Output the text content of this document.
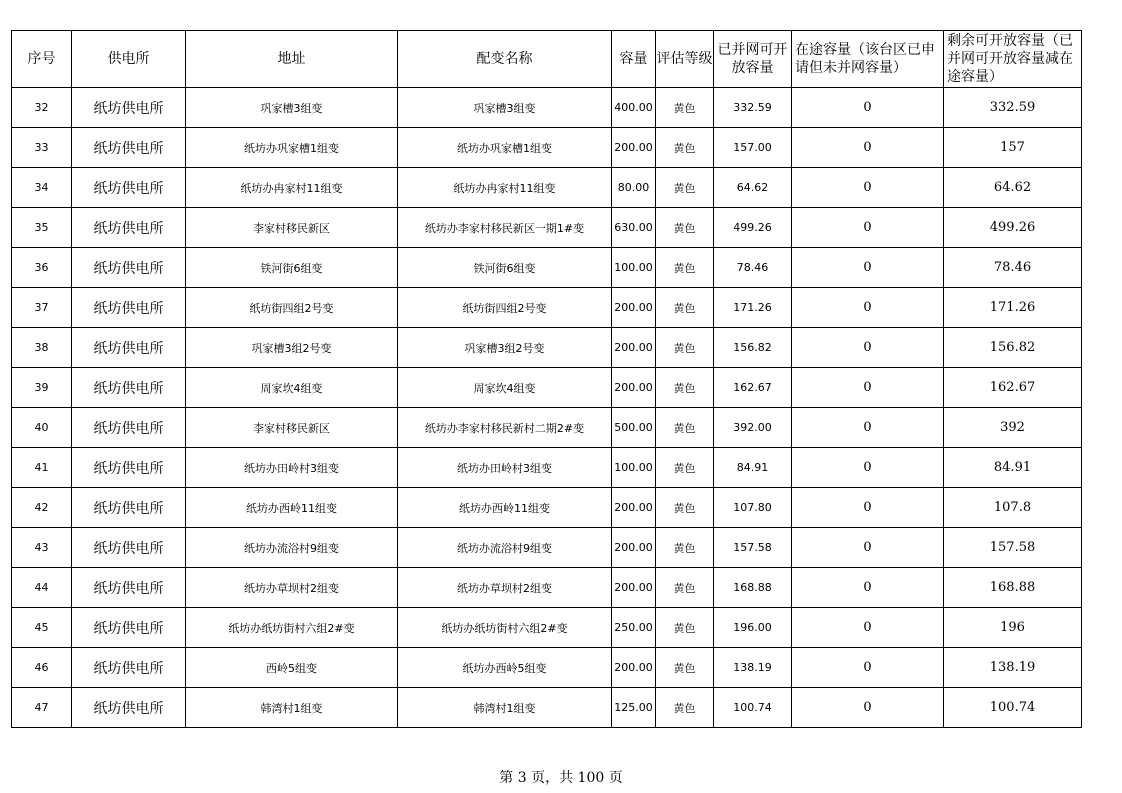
序号	供电所	地址	配变名称	容量	评估等级	已并网可开放容量	在途容量（该台区已申请但未并网容量）	剩余可开放容量（已并网可开放容量减在途容量）
32	纸坊供电所	巩家槽3组变	巩家槽3组变	400.00	黄色	332.59	0	332.59
33	纸坊供电所	纸坊办巩家槽1组变	纸坊办巩家槽1组变	200.00	黄色	157.00	0	157
34	纸坊供电所	纸坊办冉家村11组变	纸坊办冉家村11组变	80.00	黄色	64.62	0	64.62
35	纸坊供电所	李家村移民新区	纸坊办李家村移民新区一期1#变	630.00	黄色	499.26	0	499.26
36	纸坊供电所	铁河街6组变	铁河街6组变	100.00	黄色	78.46	0	78.46
37	纸坊供电所	纸坊街四组2号变	纸坊街四组2号变	200.00	黄色	171.26	0	171.26
38	纸坊供电所	巩家槽3组2号变	巩家槽3组2号变	200.00	黄色	156.82	0	156.82
39	纸坊供电所	周家坎4组变	周家坎4组变	200.00	黄色	162.67	0	162.67
40	纸坊供电所	李家村移民新区	纸坊办李家村移民新村二期2#变	500.00	黄色	392.00	0	392
41	纸坊供电所	纸坊办田岭村3组变	纸坊办田岭村3组变	100.00	黄色	84.91	0	84.91
42	纸坊供电所	纸坊办西岭11组变	纸坊办西岭11组变	200.00	黄色	107.80	0	107.8
43	纸坊供电所	纸坊办流浴村9组变	纸坊办流浴村9组变	200.00	黄色	157.58	0	157.58
44	纸坊供电所	纸坊办草坝村2组变	纸坊办草坝村2组变	200.00	黄色	168.88	0	168.88
45	纸坊供电所	纸坊办纸坊街村六组2#变	纸坊办纸坊街村六组2#变	250.00	黄色	196.00	0	196
46	纸坊供电所	西岭5组变	纸坊办西岭5组变	200.00	黄色	138.19	0	138.19
47	纸坊供电所	韩湾村1组变	韩湾村1组变	125.00	黄色	100.74	0	100.74
第 3 页，共 100 页
